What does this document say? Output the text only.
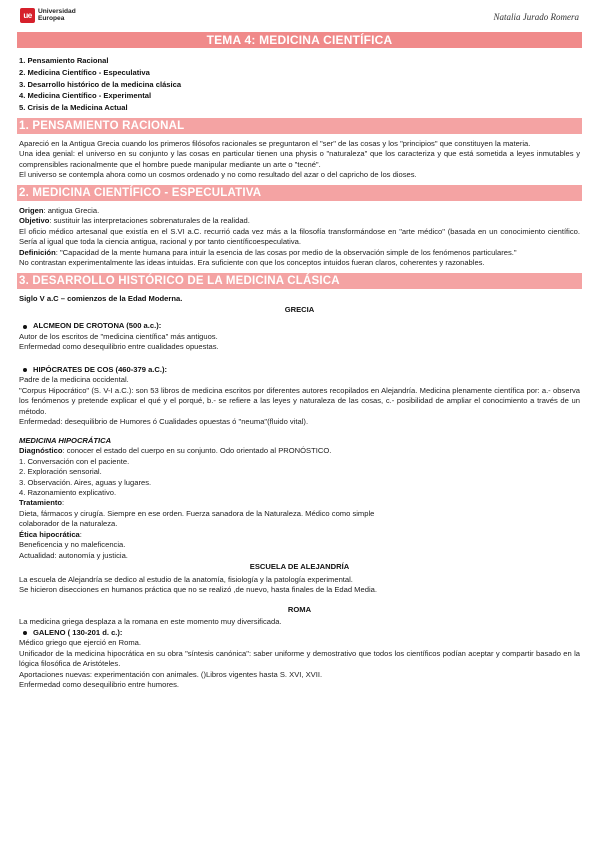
ue Universidad
Europea	Natalia Jurado Romera
TEMA 4: MEDICINA CIENTÍFICA
1. Pensamiento Racional
2. Medicina Científico - Especulativa
3. Desarrollo histórico de la medicina clásica
4. Medicina Científico - Experimental
5. Crisis de la Medicina Actual
1. PENSAMIENTO RACIONAL
Apareció en la Antigua Grecia cuando los primeros filósofos racionales se preguntaron el "ser" de las cosas y los "principios" que constituyen la materia.
Una idea genial: el universo en su conjunto y las cosas en particular tienen una physis o "naturaleza" que los caracteriza y que está sometida a leyes inmutables y comprensibles racionalmente que el hombre puede manipular mediante un arte o "tecné".
El universo se contempla ahora como un cosmos ordenado y no como resultado del azar o del capricho de los dioses.
2. MEDICINA CIENTÍFICO - ESPECULATIVA
Origen: antigua Grecia.
Objetivo: sustituir las interpretaciones sobrenaturales de la realidad.
El oficio médico artesanal que existía en el S.VI a.C. recurrió cada vez más a la filosofía transformándose en "arte médico" (basada en un conocimiento científico. Sería al igual que toda la ciencia antigua, racional y por tanto científicoespeculativa.
Definición: "Capacidad de la mente humana para intuir la esencia de las cosas por medio de la observación simple de los fenómenos particulares."
No contrastan experimentalmente las ideas intuidas. Era suficiente con que los conceptos intuidos fueran claros, coherentes y razonables.
3. DESARROLLO HISTÓRICO DE LA MEDICINA CLÁSICA
Siglo V a.C – comienzos de la Edad Moderna.
GRECIA
ALCMEON DE CROTONA (500 a.c.):
Autor de los escritos de "medicina científica" más antiguos.
Enfermedad como desequilibrio entre cualidades opuestas.
HIPÓCRATES DE COS (460-379 a.C.):
Padre de la medicina occidental.
"Corpus Hipocrático" (S. V-I a.C.): son 53 libros de medicina escritos por diferentes autores recopilados en Alejandría. Medicina plenamente científica por: a.- observa los fenómenos y pretende explicar el qué y el porqué, b.- se refiere a las leyes y naturaleza de las cosas, c.- posibilidad de ampliar el conocimiento a través de un método.
Enfermedad: desequilibrio de Humores ó Cualidades opuestas ó "neuma"(fluido vital).
MEDICINA HIPOCRÁTICA
Diagnóstico: conocer el estado del cuerpo en su conjunto. Odo orientado al PRONÓSTICO.
1. Conversación con el paciente.
2. Exploración sensorial.
3. Observación. Aires, aguas y lugares.
4. Razonamiento explicativo.
Tratamiento:
Dieta, fármacos y cirugía. Siempre en ese orden. Fuerza sanadora de la Naturaleza. Médico como simple
colaborador de la naturaleza.
Ética hipocrática:
Beneficencia y no maleficencia.
Actualidad: autonomía y justicia.
ESCUELA DE ALEJANDRÍA
La escuela de Alejandría se dedico al estudio de la anatomía, fisiología y la patología experimental.
Se hicieron disecciones en humanos práctica que no se realizó ,de nuevo, hasta finales de la Edad Media.
ROMA
La medicina griega desplaza a la romana en este momento muy diversificada.
GALENO ( 130-201 d. c.):
Médico griego que ejerció en Roma.
Unificador de la medicina hipocrática en su obra "síntesis canónica": saber uniforme y demostrativo que todos los científicos podían aceptar y compartir basado en la lógica filosófica de Aristóteles.
Aportaciones nuevas: experimentación con animales. ()Libros vigentes hasta S. XVI, XVII.
Enfermedad como desequilibrio entre humores.
